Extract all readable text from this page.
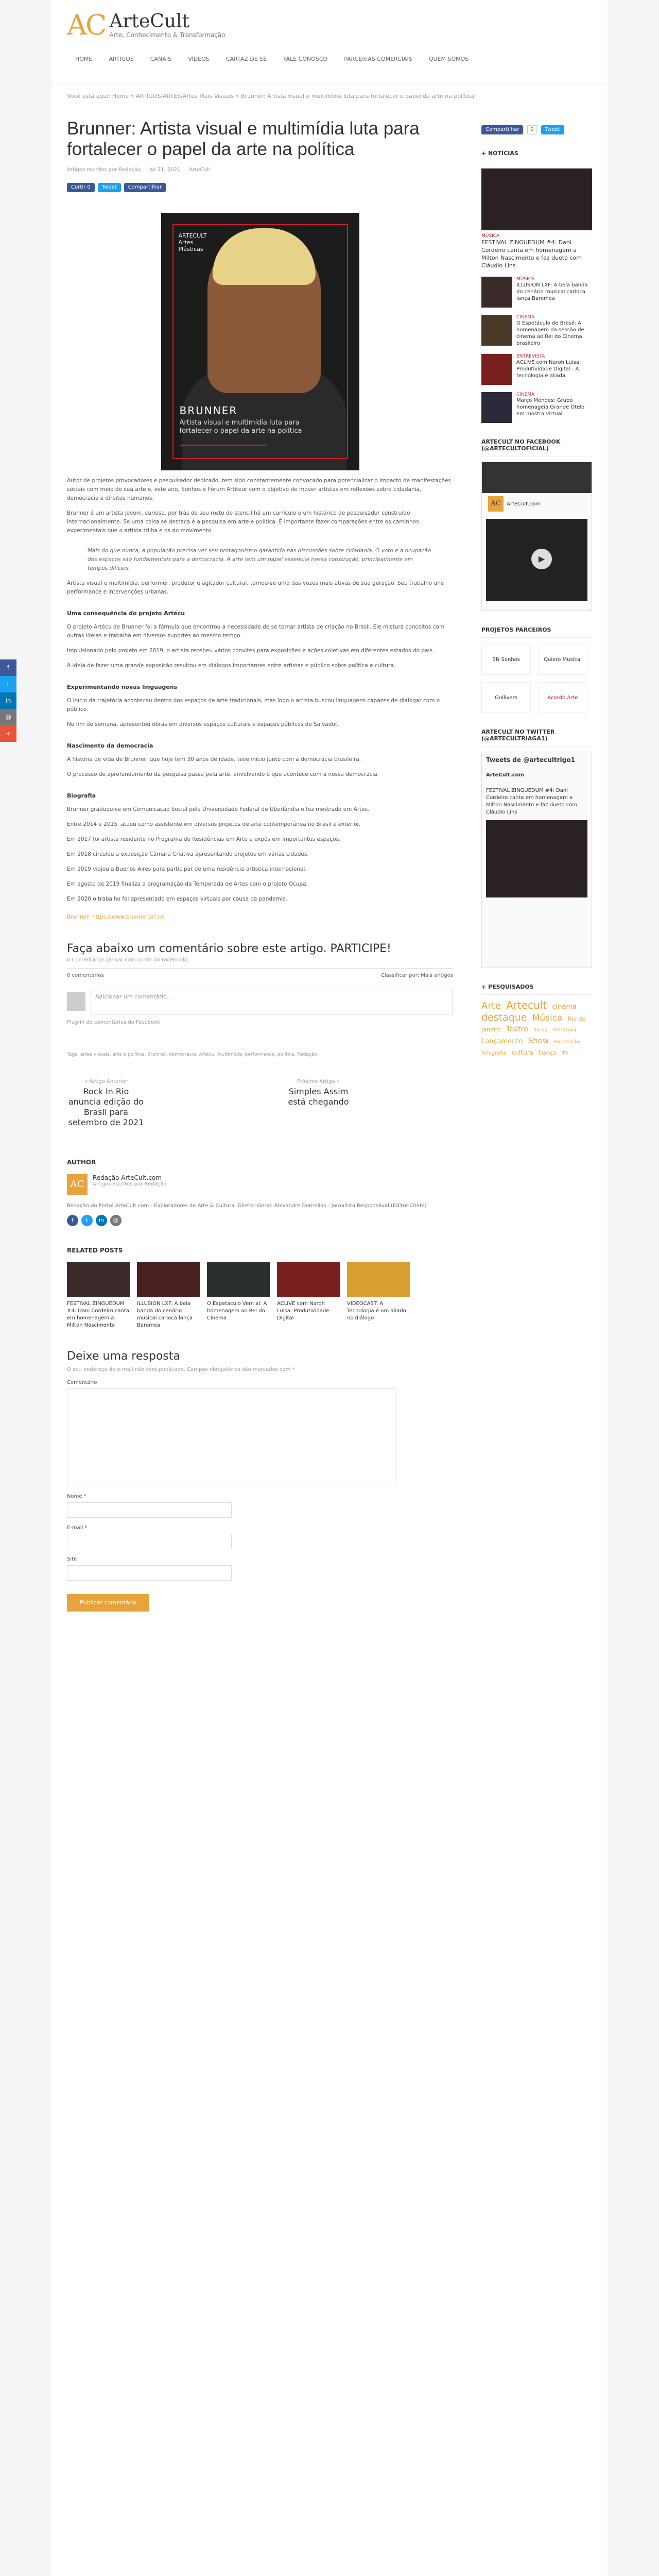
AC ArteCult
Arte, Conhecimento & Transformação
HOME	ARTIGOS	CANAIS	VÍDEOS	CARTAZ DE SE	FALE CONOSCO	PARCERIAS COMERCIAIS	QUEM SOMOS
Você está aqui: Home » ARTIGOS/ARTES/Artes Mais Visuais » Brunner: Artista visual e multimídia luta para fortalecer o papel da arte na política
Brunner: Artista visual e multimídia luta para fortalecer o papel da arte na política
Artigos escritos por Redação Jul 31, 2021 ArteCult
Curtir 0	Tweet	Compartilhar
ARTECULT
Artes
Plásticas
BRUNNER
Artista visual e multimídia luta para fortalecer o papel da arte na política

Autor de projetos provocadores e pesquisador dedicado, tem sido constantemente convocado para potencializar o impacto de manifestações sociais com meio de sua arte e, este ano, Sonhos e Fórum Artiteur com o objetivo de mover artistas em reflexões sobre cidadania, democracia e direitos humanos.

Brunner é um artista jovem, curioso, por trás de seu rosto de stencil há um currículo e um histórico de pesquisador construído internacionalmente. Se uma coisa se destaca é a pesquisa em arte e política. É importante fazer comparações entre os caminhos experimentais que o artista trilha e os do movimento.

Mais do que nunca, a população precisa ver seu protagonismo garantido nas discussões sobre cidadania. O voto e a ocupação dos espaços são fundamentais para a democracia. A arte tem um papel essencial nessa construção, principalmente em tempos difíceis.

Artista visual e multimídia, performer, produtor e agitador cultural, tornou-se uma das vozes mais ativas de sua geração. Seu trabalho une performance e intervenções urbanas.

Uma consequência do projeto Artécu

O projeto Artécu de Brunner foi a fórmula que encontrou a necessidade de se tornar artista de criação no Brasil. Ele mistura conceitos com outras ideias e trabalha em diversos suportes ao mesmo tempo.

Impulsionado pelo projeto em 2019, o artista recebeu vários convites para exposições e ações coletivas em diferentes estados do país.

A ideia de fazer uma grande exposição resultou em diálogos importantes entre artistas e público sobre política e cultura.

Experimentando novas linguagens

O início da trajetória aconteceu dentro dos espaços de arte tradicionais, mas logo o artista buscou linguagens capazes de dialogar com o público.

No fim de semana, apresentou obras em diversos espaços culturais e espaços públicos de Salvador.

Nascimento da democracia

A história de vida de Brunner, que hoje tem 30 anos de idade, teve início junto com a democracia brasileira.

O processo de aprofundamento da pesquisa passa pela arte, envolvendo o que acontece com a nossa democracia.

Biografia

Brunner graduou-se em Comunicação Social pela Universidade Federal de Uberlândia e fez mestrado em Artes.

Entre 2014 e 2015, atuou como assistente em diversos projetos de arte contemporânea no Brasil e exterior.

Em 2017 foi artista residente no Programa de Residências em Arte e expôs em importantes espaços.

Em 2018 circulou a exposição Câmara Criativa apresentando projetos em várias cidades.

Em 2019 viajou a Buenos Aires para participar de uma residência artística internacional.

Em agosto de 2019 finaliza a programação da Temporada de Artes com o projeto Ocupa.

Em 2020 o trabalho foi apresentado em espaços virtuais por causa da pandemia.

Brunner: https://www.brunner.art.br

Faça abaixo um comentário sobre este artigo. PARTICIPE!
0 Comentários (ativar com conta do Facebook)
0 comentários	Classificar por: Mais antigos
Adicionar um comentário...
Plug-in de comentários do Facebook
Tags: artes visuais, arte e política, Brunner, democracia, Artécu, multimídia, performance, política, Redação
« Artigo Anterior
Rock In Rio anuncia edição do Brasil para setembro de 2021
Próximo Artigo »
Simples Assim está chegando
AUTHOR
AC
Redação ArteCult.com
Artigos escritos por Redação
Redação do Portal ArteCult.com - Exploradores de Arte & Cultura. Diretor Geral: Alexandre Dornellas - Jornalista Responsável (Editor-Chefe).
f	t	in	@
RELATED POSTS
FESTIVAL ZINGUEDUM #4: Dani Cordeiro canta em homenagem a Milton Nascimento
ILLUSION LXF: A bela banda do cenário musical carioca lança Baromea
O Espetáculo Vem aí: A homenagem ao Rei do Cinema
ACLIVE com Naroh Luisa: Produtividade Digital
VIDEOCAST: A Tecnologia é um aliado no diálogo
Deixe uma resposta
O seu endereço de e-mail não será publicado. Campos obrigatórios são marcados com *
Comentário
Nome *
E-mail *
Site
Publicar comentário
Compartilhar	0	Tweet
+ NOTÍCIAS
MÚSICA
FESTIVAL ZINGUEDUM #4: Dani Cordeiro canta em homenagem a Milton Nascimento e faz dueto com Cláudio Lins
MÚSICA
ILLUSION LXF: A bela banda do cenário musical carioca lança Baromea
CINEMA
O Espetáculo de Brasil: A homenagem da sessão de cinema ao Rei do Cinema brasileiro
ENTREVISTA
ACLIVE com Naroh Luisa: Produtividade Digital - A tecnologia é aliada
CINEMA
Março Mendes: Grupo homenageia Grande Otelo em mostra virtual
ARTECULT NO FACEBOOK (@ARTECULTOFICIAL)
AC	ArteCult.com
▶
PROJETOS PARCEIROS
BN Sonhos	Quiero Musical
Gullivers	Acordo Arte
ARTECULT NO TWITTER (@ARTECULTRIAGA1)
Tweets de @artecultrigo1
ArteCult.com
FESTIVAL ZINGUEDUM #4: Dani Cordeiro canta em homenagem a Milton Nascimento e faz dueto com Cláudio Lins
+ PESQUISADOS
Arte Artecult cinema destaque Música Rio de Janeiro Teatro livros literatura Lançamento Show exposição fotografia cultura Dança TV
f
t
in
@
+
